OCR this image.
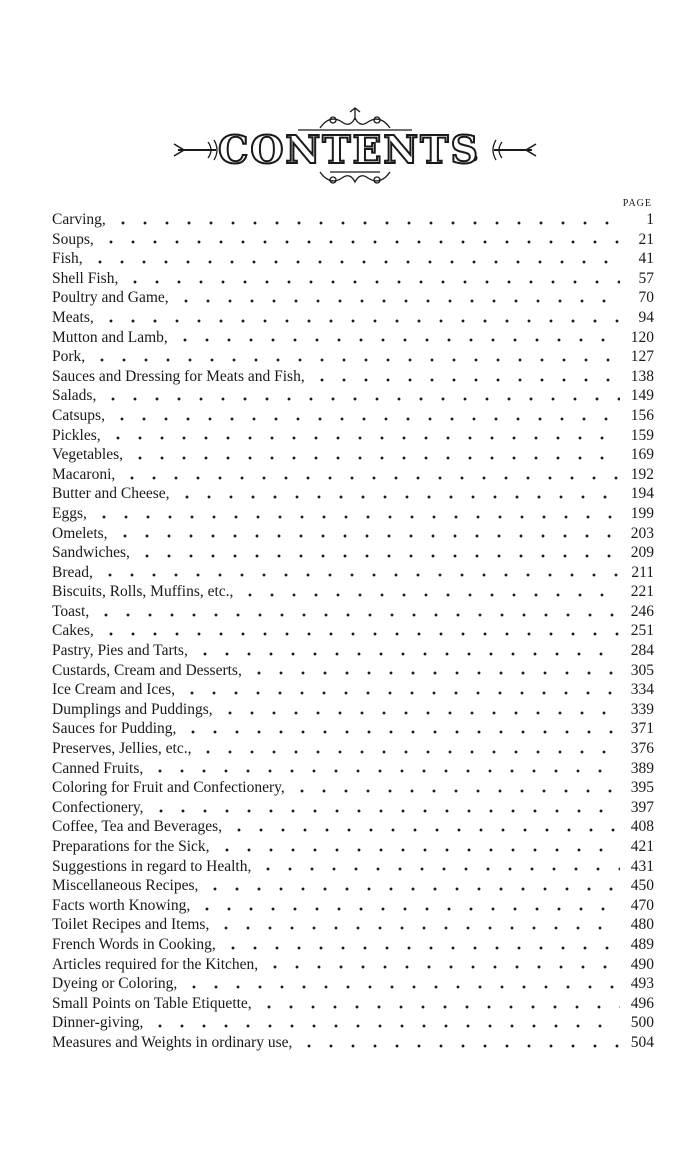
CONTENTS
PAGE
Carving,	1
Soups,	21
Fish,	41
Shell Fish,	57
Poultry and Game,	70
Meats,	94
Mutton and Lamb,	120
Pork,	127
Sauces and Dressing for Meats and Fish,	138
Salads,	149
Catsups,	156
Pickles,	159
Vegetables,	169
Macaroni,	192
Butter and Cheese,	194
Eggs,	199
Omelets,	203
Sandwiches,	209
Bread,	211
Biscuits, Rolls, Muffins, etc.,	221
Toast,	246
Cakes,	251
Pastry, Pies and Tarts,	284
Custards, Cream and Desserts,	305
Ice Cream and Ices,	334
Dumplings and Puddings,	339
Sauces for Pudding,	371
Preserves, Jellies, etc.,	376
Canned Fruits,	389
Coloring for Fruit and Confectionery,	395
Confectionery,	397
Coffee, Tea and Beverages,	408
Preparations for the Sick,	421
Suggestions in regard to Health,	431
Miscellaneous Recipes,	450
Facts worth Knowing,	470
Toilet Recipes and Items,	480
French Words in Cooking,	489
Articles required for the Kitchen,	490
Dyeing or Coloring,	493
Small Points on Table Etiquette,	496
Dinner-giving,	500
Measures and Weights in ordinary use,	504
